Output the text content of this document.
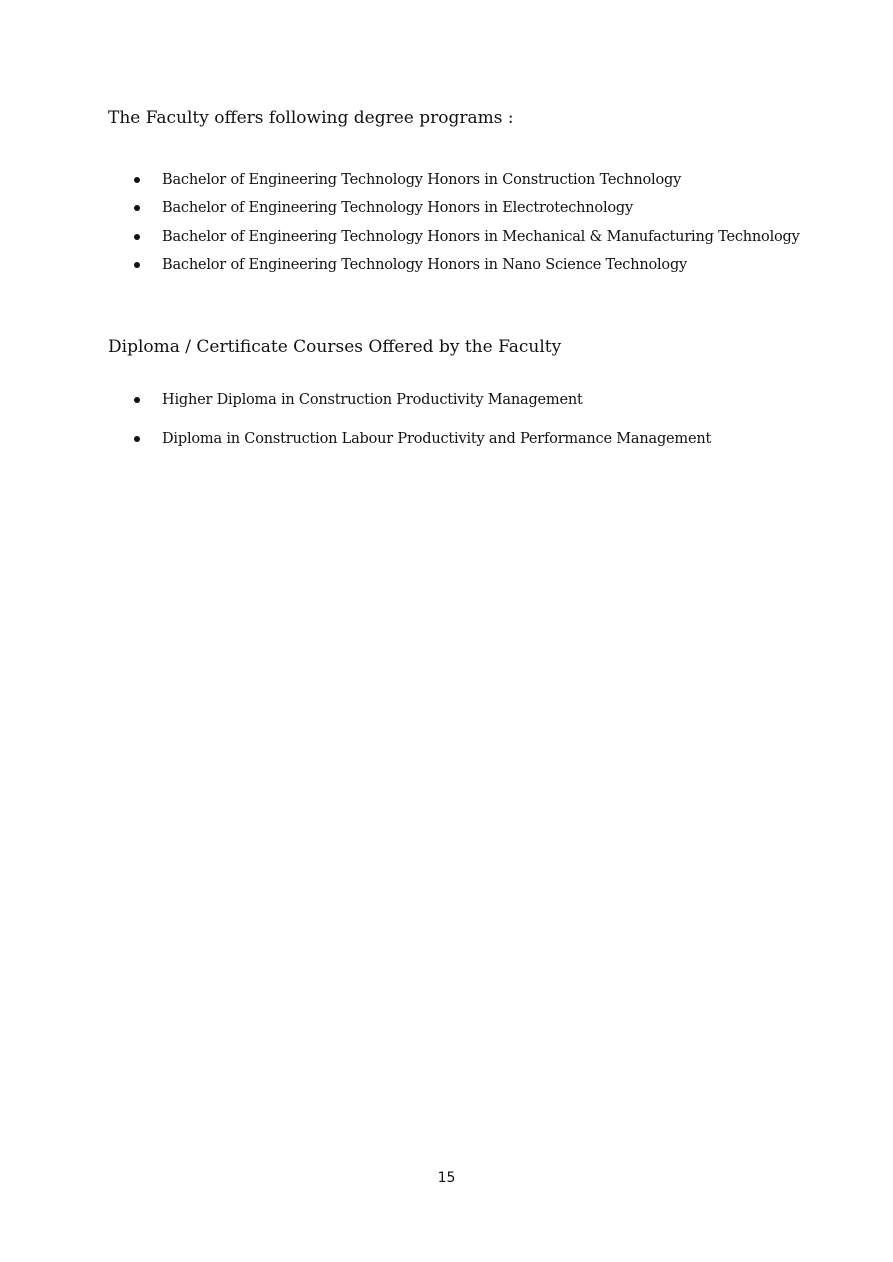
The Faculty offers following degree programs :
Bachelor of Engineering Technology Honors in Construction Technology
Bachelor of Engineering Technology Honors in Electrotechnology
Bachelor of Engineering Technology Honors in Mechanical & Manufacturing Technology
Bachelor of Engineering Technology Honors in Nano Science Technology
Diploma / Certificate Courses Offered by the Faculty
Higher Diploma in Construction Productivity Management
Diploma in Construction Labour Productivity and Performance Management
15
